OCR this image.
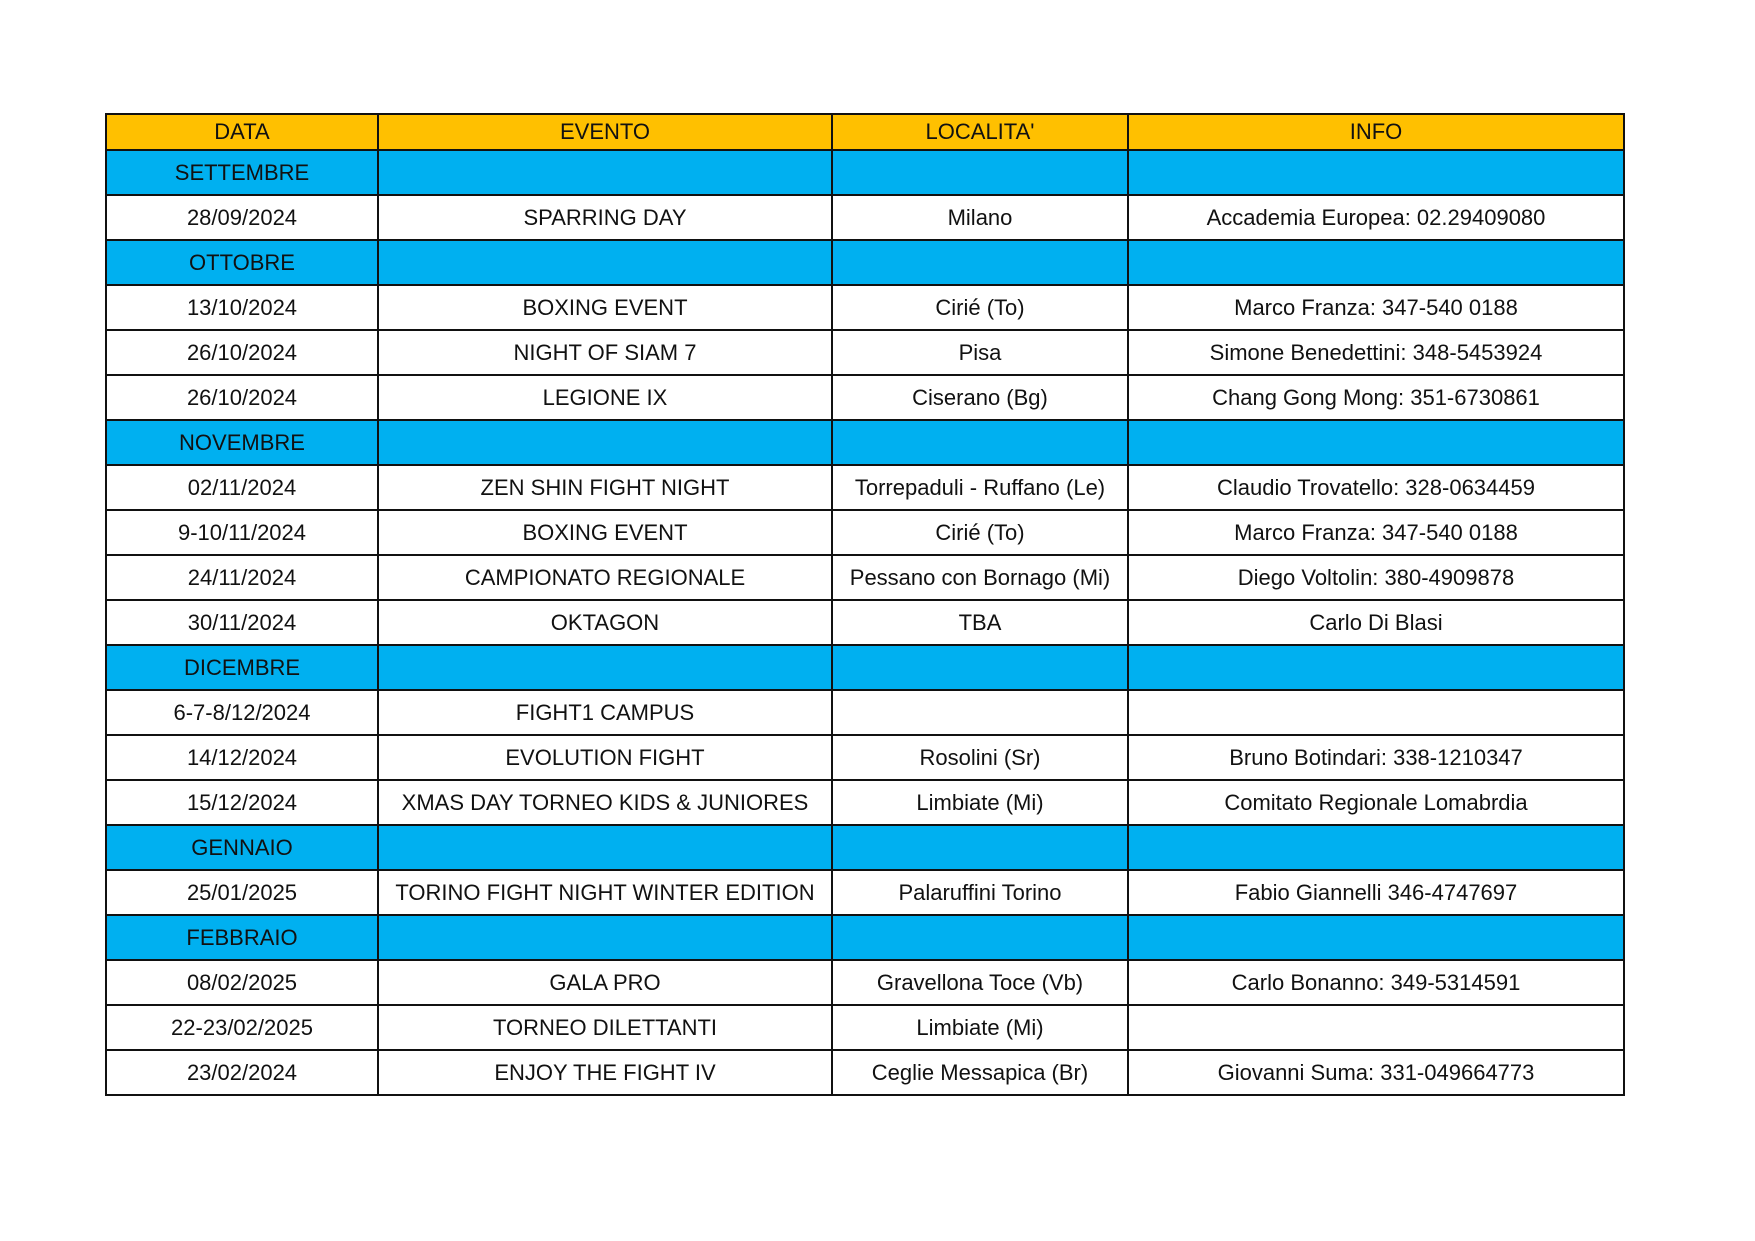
DATA	EVENTO	LOCALITA'	INFO
SETTEMBRE			
28/09/2024	SPARRING DAY	Milano	Accademia Europea: 02.29409080
OTTOBRE			
13/10/2024	BOXING EVENT	Cirié (To)	Marco Franza: 347-540 0188
26/10/2024	NIGHT OF SIAM 7	Pisa	Simone Benedettini: 348-5453924
26/10/2024	LEGIONE IX	Ciserano (Bg)	Chang Gong Mong: 351-6730861
NOVEMBRE			
02/11/2024	ZEN SHIN FIGHT NIGHT	Torrepaduli - Ruffano (Le)	Claudio Trovatello: 328-0634459
9-10/11/2024	BOXING EVENT	Cirié (To)	Marco Franza: 347-540 0188
24/11/2024	CAMPIONATO REGIONALE	Pessano con Bornago (Mi)	Diego Voltolin: 380-4909878
30/11/2024	OKTAGON	TBA	Carlo Di Blasi
DICEMBRE			
6-7-8/12/2024	FIGHT1 CAMPUS		
14/12/2024	EVOLUTION FIGHT	Rosolini (Sr)	Bruno Botindari: 338-1210347
15/12/2024	XMAS DAY TORNEO KIDS & JUNIORES	Limbiate (Mi)	Comitato Regionale Lomabrdia
GENNAIO			
25/01/2025	TORINO FIGHT NIGHT WINTER EDITION	Palaruffini Torino	Fabio Giannelli 346-4747697
FEBBRAIO			
08/02/2025	GALA PRO	Gravellona Toce (Vb)	Carlo Bonanno: 349-5314591
22-23/02/2025	TORNEO DILETTANTI	Limbiate (Mi)	
23/02/2024	ENJOY THE FIGHT IV	Ceglie Messapica (Br)	Giovanni Suma: 331-049664773
